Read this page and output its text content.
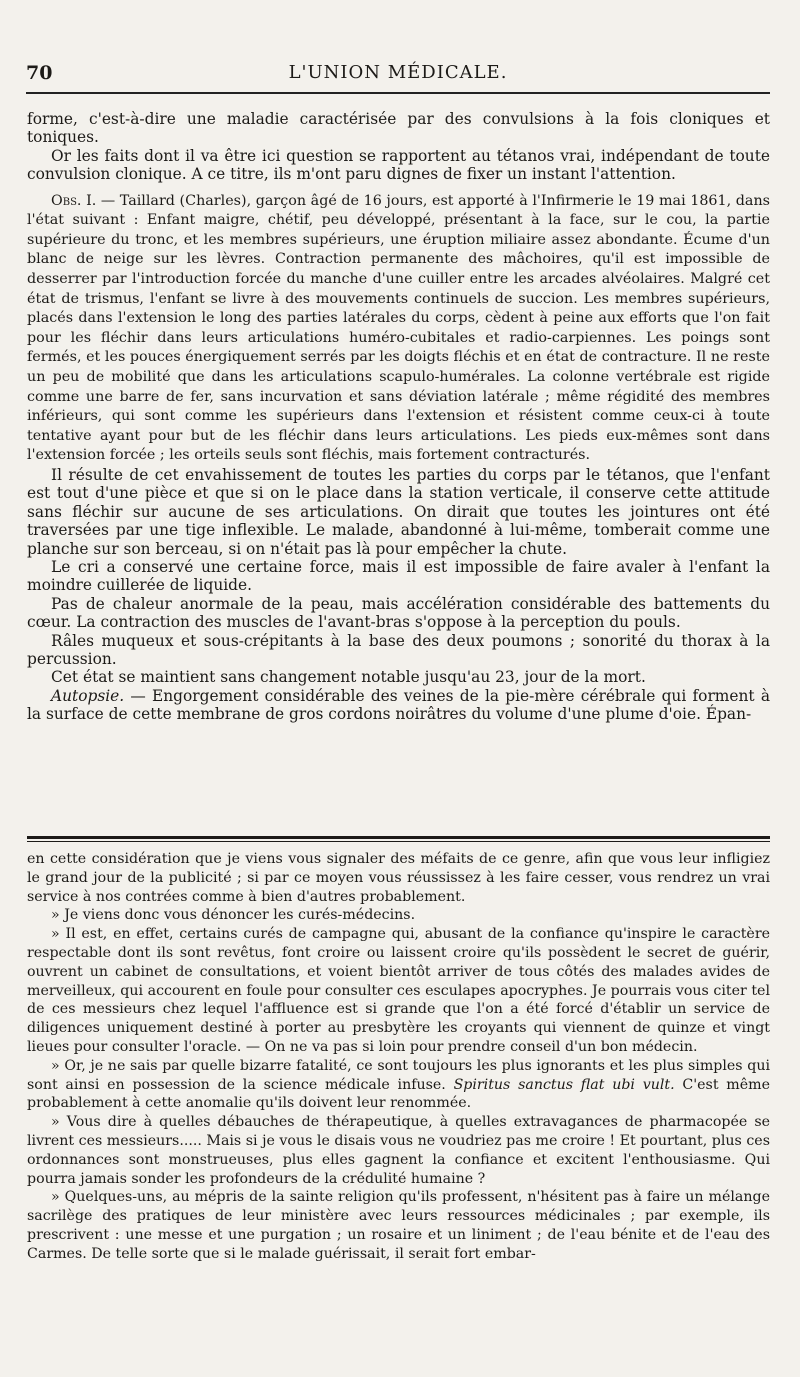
70	L'UNION MÉDICALE.

forme, c'est-à-dire une maladie caractérisée par des convulsions à la fois cloniques et toniques.

Or les faits dont il va être ici question se rapportent au tétanos vrai, indépendant de toute convulsion clonique. A ce titre, ils m'ont paru dignes de fixer un instant l'attention.

Obs. I. — Taillard (Charles), garçon âgé de 16 jours, est apporté à l'Infirmerie le 19 mai 1861, dans l'état suivant : Enfant maigre, chétif, peu développé, présentant à la face, sur le cou, la partie supérieure du tronc, et les membres supérieurs, une éruption miliaire assez abondante. Écume d'un blanc de neige sur les lèvres. Contraction permanente des mâchoires, qu'il est impossible de desserrer par l'introduction forcée du manche d'une cuiller entre les arcades alvéolaires. Malgré cet état de trismus, l'enfant se livre à des mouvements continuels de succion. Les membres supérieurs, placés dans l'extension le long des parties latérales du corps, cèdent à peine aux efforts que l'on fait pour les fléchir dans leurs articulations huméro-cubitales et radio-carpiennes. Les poings sont fermés, et les pouces énergiquement serrés par les doigts fléchis et en état de contracture. Il ne reste un peu de mobilité que dans les articulations scapulo-humérales. La colonne vertébrale est rigide comme une barre de fer, sans incurvation et sans déviation latérale ; même régidité des membres inférieurs, qui sont comme les supérieurs dans l'extension et résistent comme ceux-ci à toute tentative ayant pour but de les fléchir dans leurs articulations. Les pieds eux-mêmes sont dans l'extension forcée ; les orteils seuls sont fléchis, mais fortement contracturés.

Il résulte de cet envahissement de toutes les parties du corps par le tétanos, que l'enfant est tout d'une pièce et que si on le place dans la station verticale, il conserve cette attitude sans fléchir sur aucune de ses articulations. On dirait que toutes les jointures ont été traversées par une tige inflexible. Le malade, abandonné à lui-même, tomberait comme une planche sur son berceau, si on n'était pas là pour empêcher la chute.

Le cri a conservé une certaine force, mais il est impossible de faire avaler à l'enfant la moindre cuillerée de liquide.

Pas de chaleur anormale de la peau, mais accélération considérable des battements du cœur. La contraction des muscles de l'avant-bras s'oppose à la perception du pouls.

Râles muqueux et sous-crépitants à la base des deux poumons ; sonorité du thorax à la percussion.

Cet état se maintient sans changement notable jusqu'au 23, jour de la mort.

Autopsie. — Engorgement considérable des veines de la pie-mère cérébrale qui forment à la surface de cette membrane de gros cordons noirâtres du volume d'une plume d'oie. Épan-

en cette considération que je viens vous signaler des méfaits de ce genre, afin que vous leur infligiez le grand jour de la publicité ; si par ce moyen vous réussissez à les faire cesser, vous rendrez un vrai service à nos contrées comme à bien d'autres probablement.

» Je viens donc vous dénoncer les curés-médecins.

» Il est, en effet, certains curés de campagne qui, abusant de la confiance qu'inspire le caractère respectable dont ils sont revêtus, font croire ou laissent croire qu'ils possèdent le secret de guérir, ouvrent un cabinet de consultations, et voient bientôt arriver de tous côtés des malades avides de merveilleux, qui accourent en foule pour consulter ces esculapes apocryphes. Je pourrais vous citer tel de ces messieurs chez lequel l'affluence est si grande que l'on a été forcé d'établir un service de diligences uniquement destiné à porter au presbytère les croyants qui viennent de quinze et vingt lieues pour consulter l'oracle. — On ne va pas si loin pour prendre conseil d'un bon médecin.

» Or, je ne sais par quelle bizarre fatalité, ce sont toujours les plus ignorants et les plus simples qui sont ainsi en possession de la science médicale infuse. Spiritus sanctus flat ubi vult. C'est même probablement à cette anomalie qu'ils doivent leur renommée.

» Vous dire à quelles débauches de thérapeutique, à quelles extravagances de pharmacopée se livrent ces messieurs..... Mais si je vous le disais vous ne voudriez pas me croire ! Et pourtant, plus ces ordonnances sont monstrueuses, plus elles gagnent la confiance et excitent l'enthousiasme. Qui pourra jamais sonder les profondeurs de la crédulité humaine ?

» Quelques-uns, au mépris de la sainte religion qu'ils professent, n'hésitent pas à faire un mélange sacrilège des pratiques de leur ministère avec leurs ressources médicinales ; par exemple, ils prescrivent : une messe et une purgation ; un rosaire et un liniment ; de l'eau bénite et de l'eau des Carmes. De telle sorte que si le malade guérissait, il serait fort embar-
